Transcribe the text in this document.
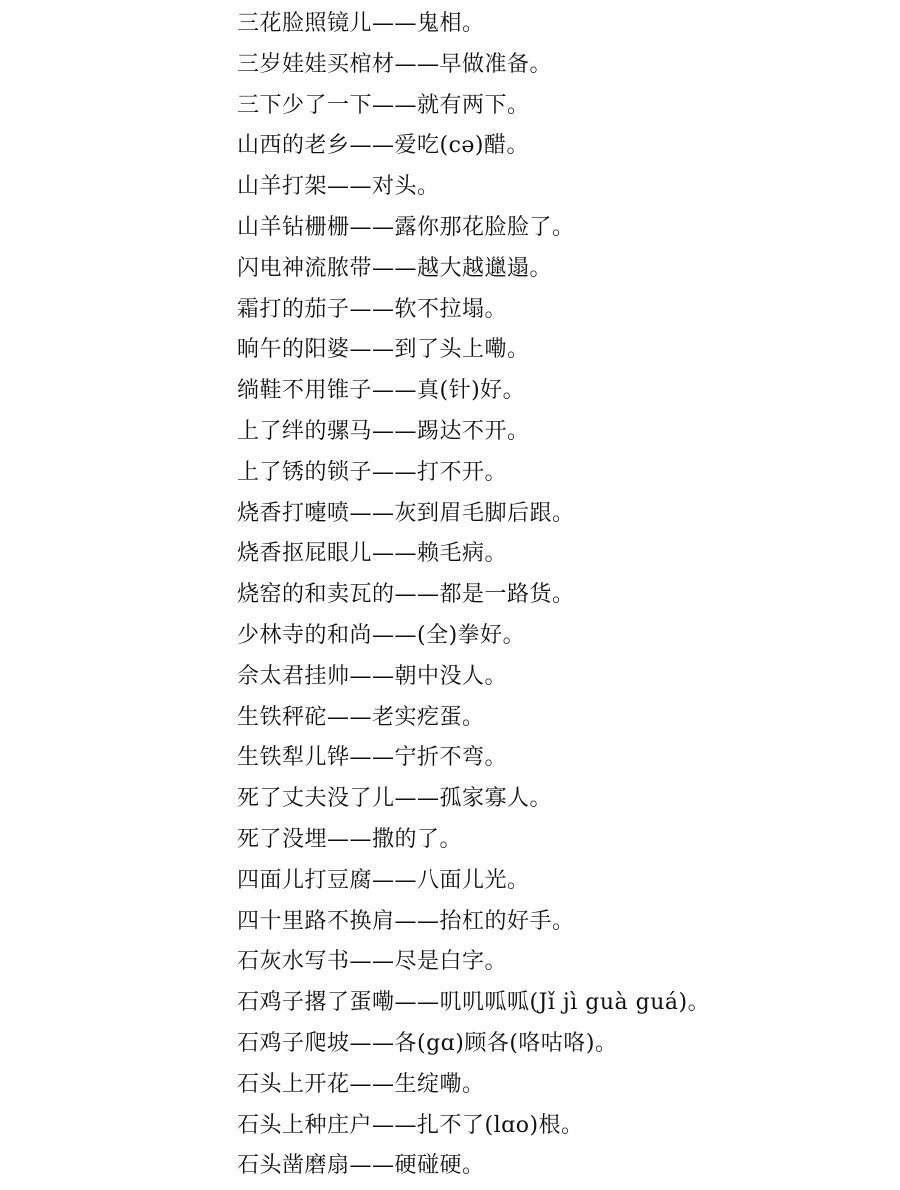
三花脸照镜儿——鬼相。
三岁娃娃买棺材——早做准备。
三下少了一下——就有两下。
山西的老乡——爱吃(cə)醋。
山羊打架——对头。
山羊钻栅栅——露你那花脸脸了。
闪电神流脓带——越大越邋遢。
霜打的茄子——软不拉塌。
晌午的阳婆——到了头上嘞。
绱鞋不用锥子——真(针)好。
上了绊的骡马——踢达不开。
上了锈的锁子——打不开。
烧香打嚏喷——灰到眉毛脚后跟。
烧香抠屁眼儿——赖毛病。
烧窑的和卖瓦的——都是一路货。
少林寺的和尚——(全)拳好。
佘太君挂帅——朝中没人。
生铁秤砣——老实疙蛋。
生铁犁儿铧——宁折不弯。
死了丈夫没了儿——孤家寡人。
死了没埋——撒的了。
四面儿打豆腐——八面儿光。
四十里路不换肩——抬杠的好手。
石灰水写书——尽是白字。
石鸡子撂了蛋嘞——叽叽呱呱(Jǐ jì guà guá)。
石鸡子爬坡——各(gɑ)顾各(咯咕咯)。
石头上开花——生绽嘞。
石头上种庄户——扎不了(lɑo)根。
石头凿磨扇——硬碰硬。
